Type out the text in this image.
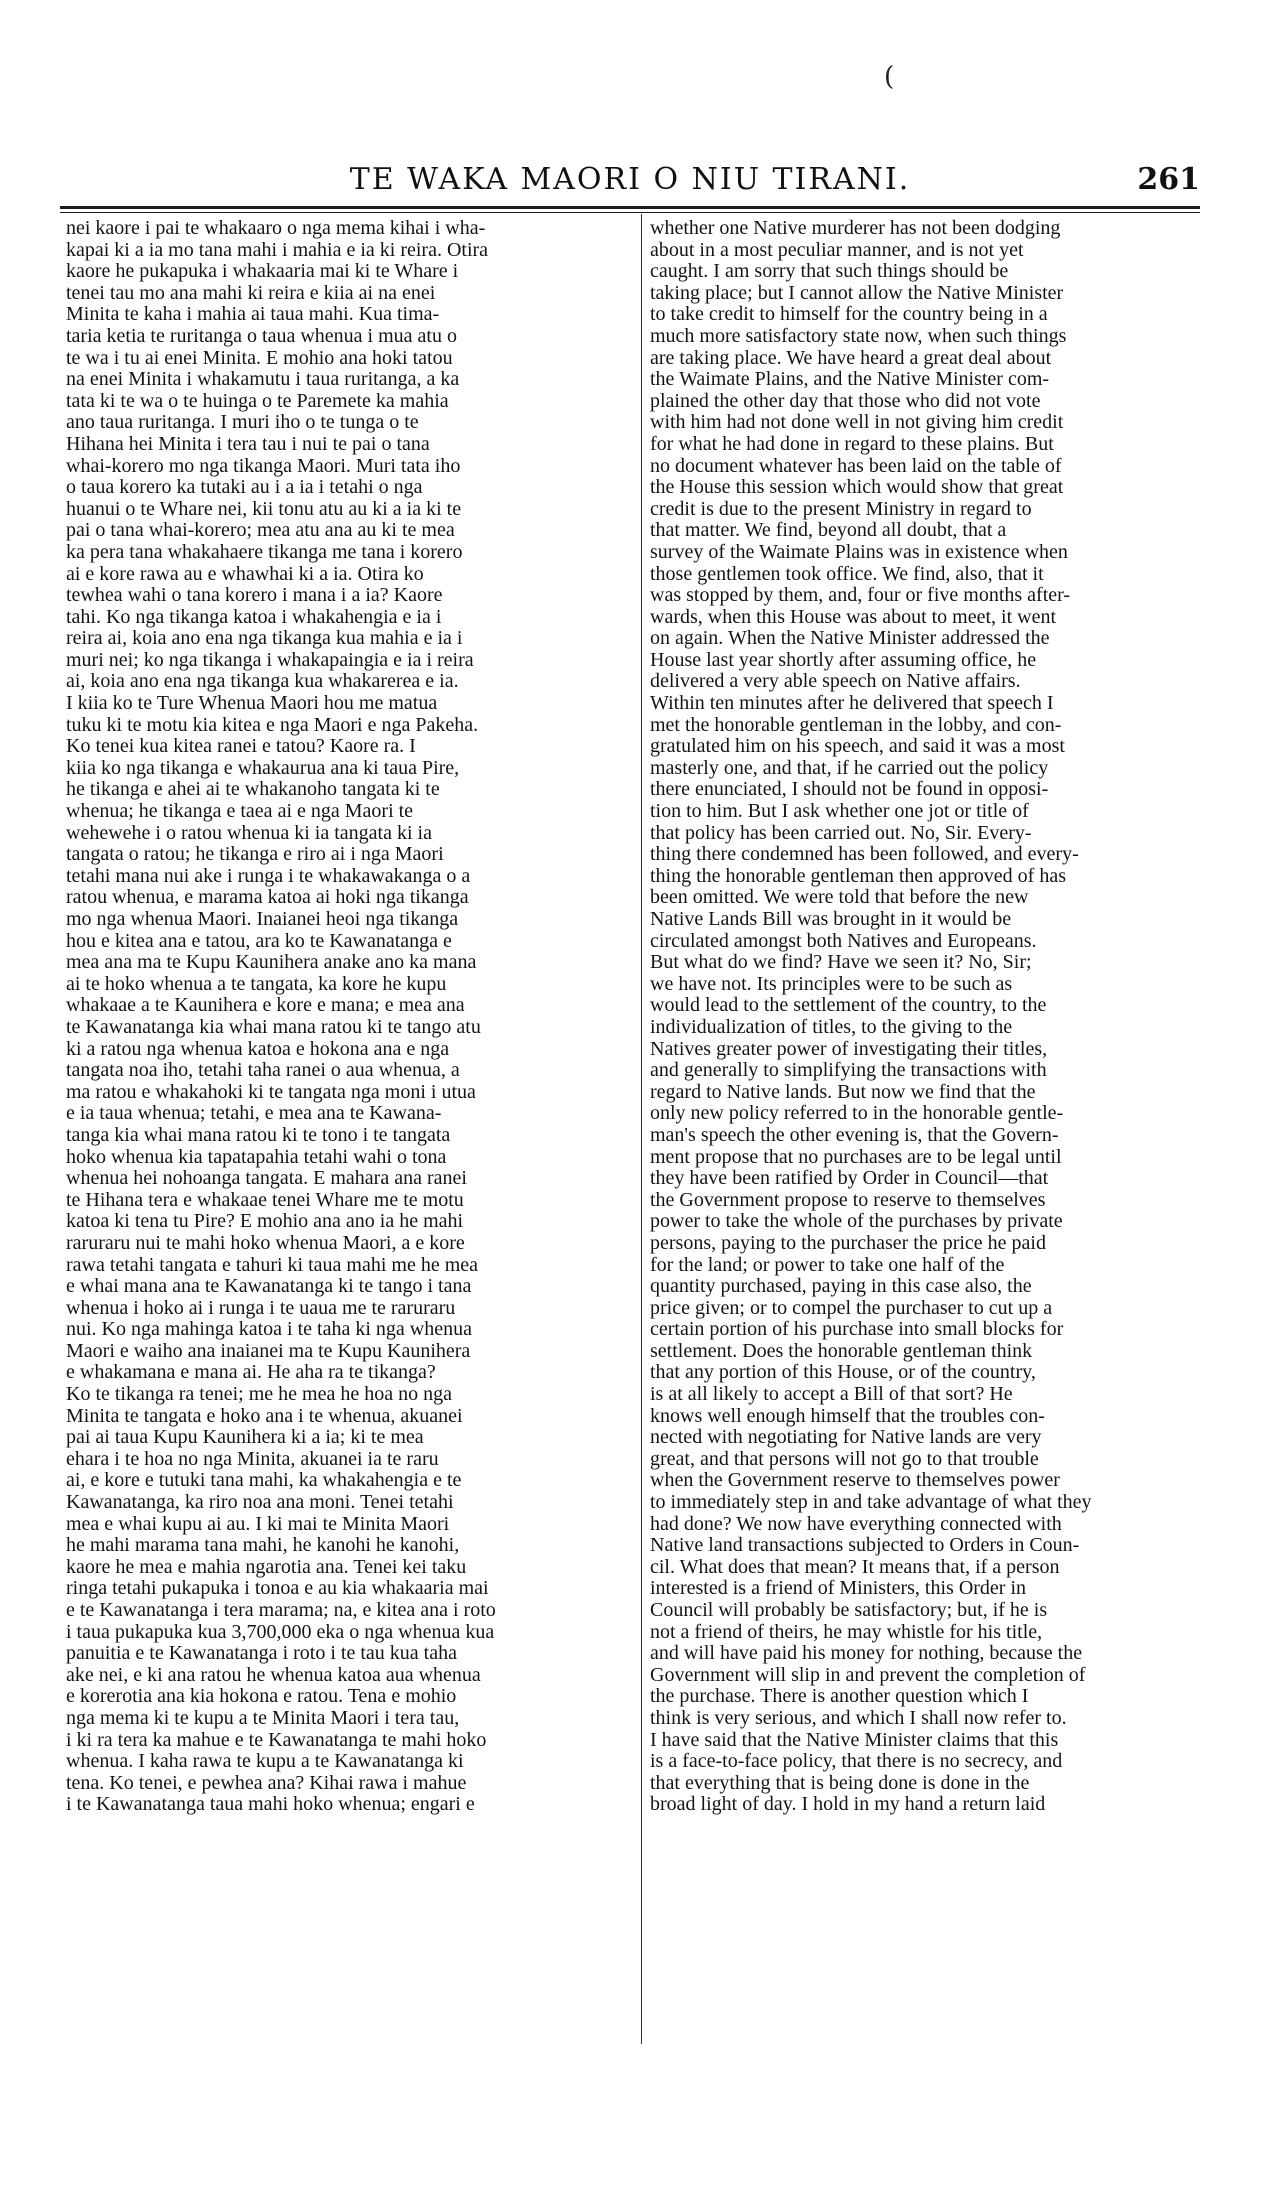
(
TE WAKA MAORI O NIU TIRANI.	261
nei kaore i pai te whakaaro o nga mema kihai i wha-
kapai ki a ia mo tana mahi i mahia e ia ki reira. Otira
kaore he pukapuka i whakaaria mai ki te Whare i
tenei tau mo ana mahi ki reira e kiia ai na enei
Minita te kaha i mahia ai taua mahi. Kua tima-
taria ketia te ruritanga o taua whenua i mua atu o
te wa i tu ai enei Minita. E mohio ana hoki tatou
na enei Minita i whakamutu i taua ruritanga, a ka
tata ki te wa o te huinga o te Paremete ka mahia
ano taua ruritanga. I muri iho o te tunga o te
Hihana hei Minita i tera tau i nui te pai o tana
whai-korero mo nga tikanga Maori. Muri tata iho
o taua korero ka tutaki au i a ia i tetahi o nga
huanui o te Whare nei, kii tonu atu au ki a ia ki te
pai o tana whai-korero; mea atu ana au ki te mea
ka pera tana whakahaere tikanga me tana i korero
ai e kore rawa au e whawhai ki a ia. Otira ko
tewhea wahi o tana korero i mana i a ia? Kaore
tahi. Ko nga tikanga katoa i whakahengia e ia i
reira ai, koia ano ena nga tikanga kua mahia e ia i
muri nei; ko nga tikanga i whakapaingia e ia i reira
ai, koia ano ena nga tikanga kua whakarerea e ia.
I kiia ko te Ture Whenua Maori hou me matua
tuku ki te motu kia kitea e nga Maori e nga Pakeha.
Ko tenei kua kitea ranei e tatou? Kaore ra. I
kiia ko nga tikanga e whakaurua ana ki taua Pire,
he tikanga e ahei ai te whakanoho tangata ki te
whenua; he tikanga e taea ai e nga Maori te
wehewehe i o ratou whenua ki ia tangata ki ia
tangata o ratou; he tikanga e riro ai i nga Maori
tetahi mana nui ake i runga i te whakawakanga o a
ratou whenua, e marama katoa ai hoki nga tikanga
mo nga whenua Maori. Inaianei heoi nga tikanga
hou e kitea ana e tatou, ara ko te Kawanatanga e
mea ana ma te Kupu Kaunihera anake ano ka mana
ai te hoko whenua a te tangata, ka kore he kupu
whakaae a te Kaunihera e kore e mana; e mea ana
te Kawanatanga kia whai mana ratou ki te tango atu
ki a ratou nga whenua katoa e hokona ana e nga
tangata noa iho, tetahi taha ranei o aua whenua, a
ma ratou e whakahoki ki te tangata nga moni i utua
e ia taua whenua; tetahi, e mea ana te Kawana-
tanga kia whai mana ratou ki te tono i te tangata
hoko whenua kia tapatapahia tetahi wahi o tona
whenua hei nohoanga tangata. E mahara ana ranei
te Hihana tera e whakaae tenei Whare me te motu
katoa ki tena tu Pire? E mohio ana ano ia he mahi
raruraru nui te mahi hoko whenua Maori, a e kore
rawa tetahi tangata e tahuri ki taua mahi me he mea
e whai mana ana te Kawanatanga ki te tango i tana
whenua i hoko ai i runga i te uaua me te raruraru
nui. Ko nga mahinga katoa i te taha ki nga whenua
Maori e waiho ana inaianei ma te Kupu Kaunihera
e whakamana e mana ai. He aha ra te tikanga?
Ko te tikanga ra tenei; me he mea he hoa no nga
Minita te tangata e hoko ana i te whenua, akuanei
pai ai taua Kupu Kaunihera ki a ia; ki te mea
ehara i te hoa no nga Minita, akuanei ia te raru
ai, e kore e tutuki tana mahi, ka whakahengia e te
Kawanatanga, ka riro noa ana moni. Tenei tetahi
mea e whai kupu ai au. I ki mai te Minita Maori
he mahi marama tana mahi, he kanohi he kanohi,
kaore he mea e mahia ngarotia ana. Tenei kei taku
ringa tetahi pukapuka i tonoa e au kia whakaaria mai
e te Kawanatanga i tera marama; na, e kitea ana i roto
i taua pukapuka kua 3,700,000 eka o nga whenua kua
panuitia e te Kawanatanga i roto i te tau kua taha
ake nei, e ki ana ratou he whenua katoa aua whenua
e korerotia ana kia hokona e ratou. Tena e mohio
nga mema ki te kupu a te Minita Maori i tera tau,
i ki ra tera ka mahue e te Kawanatanga te mahi hoko
whenua. I kaha rawa te kupu a te Kawanatanga ki
tena. Ko tenei, e pewhea ana? Kihai rawa i mahue
i te Kawanatanga taua mahi hoko whenua; engari e
whether one Native murderer has not been dodging
about in a most peculiar manner, and is not yet
caught. I am sorry that such things should be
taking place; but I cannot allow the Native Minister
to take credit to himself for the country being in a
much more satisfactory state now, when such things
are taking place. We have heard a great deal about
the Waimate Plains, and the Native Minister com-
plained the other day that those who did not vote
with him had not done well in not giving him credit
for what he had done in regard to these plains. But
no document whatever has been laid on the table of
the House this session which would show that great
credit is due to the present Ministry in regard to
that matter. We find, beyond all doubt, that a
survey of the Waimate Plains was in existence when
those gentlemen took office. We find, also, that it
was stopped by them, and, four or five months after-
wards, when this House was about to meet, it went
on again. When the Native Minister addressed the
House last year shortly after assuming office, he
delivered a very able speech on Native affairs.
Within ten minutes after he delivered that speech I
met the honorable gentleman in the lobby, and con-
gratulated him on his speech, and said it was a most
masterly one, and that, if he carried out the policy
there enunciated, I should not be found in opposi-
tion to him. But I ask whether one jot or title of
that policy has been carried out. No, Sir. Every-
thing there condemned has been followed, and every-
thing the honorable gentleman then approved of has
been omitted. We were told that before the new
Native Lands Bill was brought in it would be
circulated amongst both Natives and Europeans.
But what do we find? Have we seen it? No, Sir;
we have not. Its principles were to be such as
would lead to the settlement of the country, to the
individualization of titles, to the giving to the
Natives greater power of investigating their titles,
and generally to simplifying the transactions with
regard to Native lands. But now we find that the
only new policy referred to in the honorable gentle-
man's speech the other evening is, that the Govern-
ment propose that no purchases are to be legal until
they have been ratified by Order in Council—that
the Government propose to reserve to themselves
power to take the whole of the purchases by private
persons, paying to the purchaser the price he paid
for the land; or power to take one half of the
quantity purchased, paying in this case also, the
price given; or to compel the purchaser to cut up a
certain portion of his purchase into small blocks for
settlement. Does the honorable gentleman think
that any portion of this House, or of the country,
is at all likely to accept a Bill of that sort? He
knows well enough himself that the troubles con-
nected with negotiating for Native lands are very
great, and that persons will not go to that trouble
when the Government reserve to themselves power
to immediately step in and take advantage of what they
had done? We now have everything connected with
Native land transactions subjected to Orders in Coun-
cil. What does that mean? It means that, if a person
interested is a friend of Ministers, this Order in
Council will probably be satisfactory; but, if he is
not a friend of theirs, he may whistle for his title,
and will have paid his money for nothing, because the
Government will slip in and prevent the completion of
the purchase. There is another question which I
think is very serious, and which I shall now refer to.
I have said that the Native Minister claims that this
is a face-to-face policy, that there is no secrecy, and
that everything that is being done is done in the
broad light of day. I hold in my hand a return laid
